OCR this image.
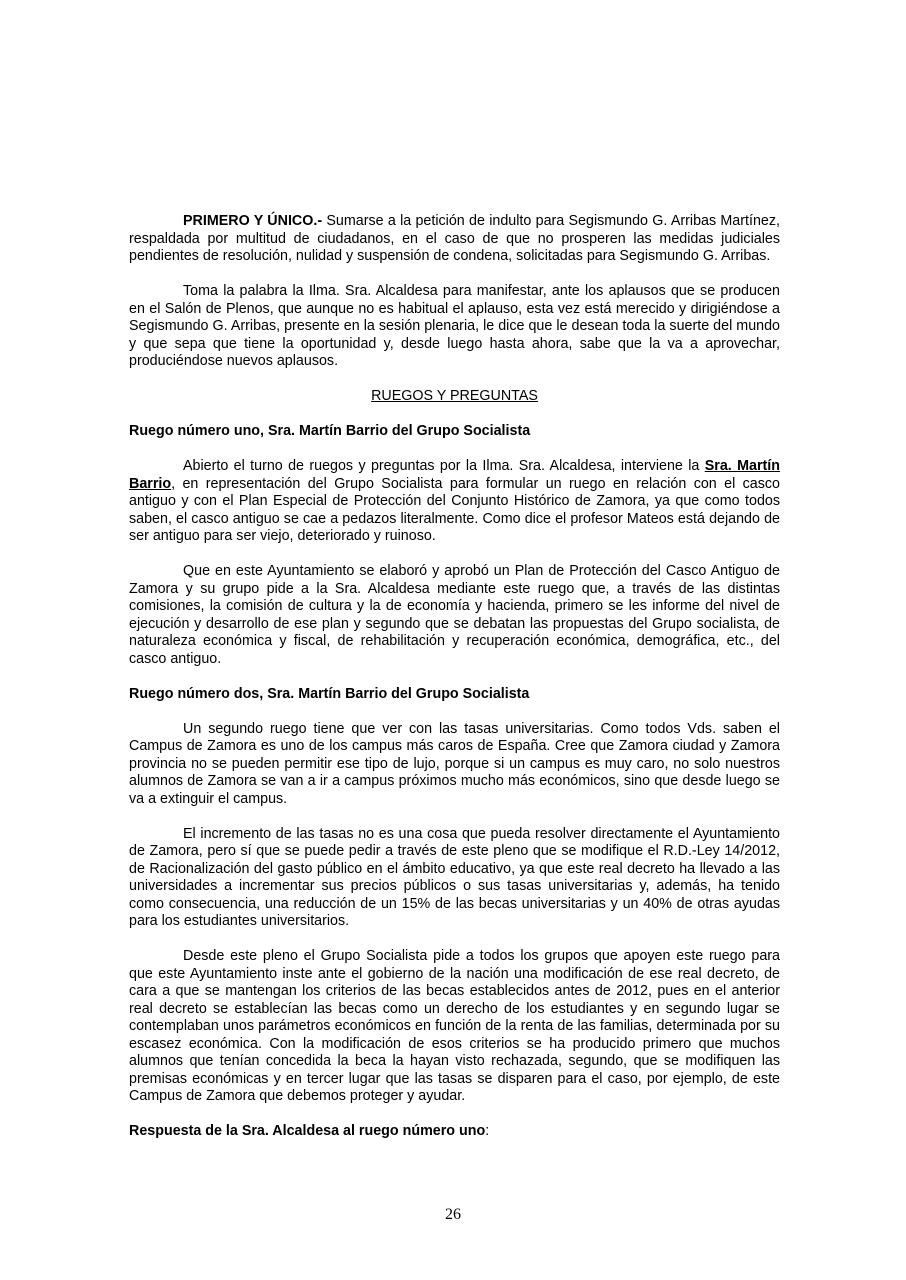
PRIMERO Y ÚNICO.- Sumarse a la petición de indulto para Segismundo G. Arribas Martínez, respaldada por multitud de ciudadanos, en el caso de que no prosperen las medidas judiciales pendientes de resolución, nulidad y suspensión de condena, solicitadas para Segismundo G. Arribas.

Toma la palabra la Ilma. Sra. Alcaldesa para manifestar, ante los aplausos que se producen en el Salón de Plenos, que aunque no es habitual el aplauso, esta vez está merecido y dirigiéndose a Segismundo G. Arribas, presente en la sesión plenaria, le dice que le desean toda la suerte del mundo y que sepa que tiene la oportunidad y, desde luego hasta ahora, sabe que la va a aprovechar, produciéndose nuevos aplausos.

RUEGOS Y PREGUNTAS
Ruego número uno, Sra. Martín Barrio del Grupo Socialista

Abierto el turno de ruegos y preguntas por la Ilma. Sra. Alcaldesa, interviene la Sra. Martín Barrio, en representación del Grupo Socialista para formular un ruego en relación con el casco antiguo y con el Plan Especial de Protección del Conjunto Histórico de Zamora, ya que como todos saben, el casco antiguo se cae a pedazos literalmente. Como dice el profesor Mateos está dejando de ser antiguo para ser viejo, deteriorado y ruinoso.

Que en este Ayuntamiento se elaboró y aprobó un Plan de Protección del Casco Antiguo de Zamora y su grupo pide a la Sra. Alcaldesa mediante este ruego que, a través de las distintas comisiones, la comisión de cultura y la de economía y hacienda, primero se les informe del nivel de ejecución y desarrollo de ese plan y segundo que se debatan las propuestas del Grupo socialista, de naturaleza económica y fiscal, de rehabilitación y recuperación económica, demográfica, etc., del casco antiguo.

Ruego número dos, Sra. Martín Barrio del Grupo Socialista

Un segundo ruego tiene que ver con las tasas universitarias. Como todos Vds. saben el Campus de Zamora es uno de los campus más caros de España. Cree que Zamora ciudad y Zamora provincia no se pueden permitir ese tipo de lujo, porque si un campus es muy caro, no solo nuestros alumnos de Zamora se van a ir a campus próximos mucho más económicos, sino que desde luego se va a extinguir el campus.

El incremento de las tasas no es una cosa que pueda resolver directamente el Ayuntamiento de Zamora, pero sí que se puede pedir a través de este pleno que se modifique el R.D.-Ley 14/2012, de Racionalización del gasto público en el ámbito educativo, ya que este real decreto ha llevado a las universidades a incrementar sus precios públicos o sus tasas universitarias y, además, ha tenido como consecuencia, una reducción de un 15% de las becas universitarias y un 40% de otras ayudas para los estudiantes universitarios.

Desde este pleno el Grupo Socialista pide a todos los grupos que apoyen este ruego para que este Ayuntamiento inste ante el gobierno de la nación una modificación de ese real decreto, de cara a que se mantengan los criterios de las becas establecidos antes de 2012, pues en el anterior real decreto se establecían las becas como un derecho de los estudiantes y en segundo lugar se contemplaban unos parámetros económicos en función de la renta de las familias, determinada por su escasez económica. Con la modificación de esos criterios se ha producido primero que muchos alumnos que tenían concedida la beca la hayan visto rechazada, segundo, que se modifiquen las premisas económicas y en tercer lugar que las tasas se disparen para el caso, por ejemplo, de este Campus de Zamora que debemos proteger y ayudar.

Respuesta de la Sra. Alcaldesa al ruego número uno:
26
